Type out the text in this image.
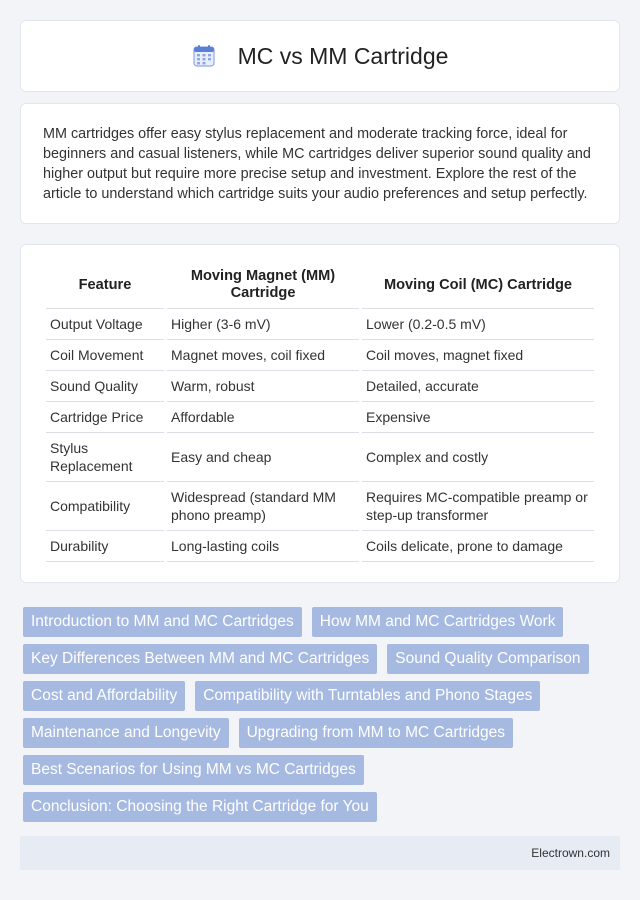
MC vs MM Cartridge

MM cartridges offer easy stylus replacement and moderate tracking force, ideal for beginners and casual listeners, while MC cartridges deliver superior sound quality and higher output but require more precise setup and investment. Explore the rest of the article to understand which cartridge suits your audio preferences and setup perfectly.

Feature	Moving Magnet (MM) Cartridge	Moving Coil (MC) Cartridge
Output Voltage	Higher (3-6 mV)	Lower (0.2-0.5 mV)
Coil Movement	Magnet moves, coil fixed	Coil moves, magnet fixed
Sound Quality	Warm, robust	Detailed, accurate
Cartridge Price	Affordable	Expensive
Stylus Replacement	Easy and cheap	Complex and costly
Compatibility	Widespread (standard MM phono preamp)	Requires MC-compatible preamp or step-up transformer
Durability	Long-lasting coils	Coils delicate, prone to damage
Introduction to MM and MC Cartridges	How MM and MC Cartridges Work
Key Differences Between MM and MC Cartridges	Sound Quality Comparison
Cost and Affordability	Compatibility with Turntables and Phono Stages
Maintenance and Longevity	Upgrading from MM to MC Cartridges
Best Scenarios for Using MM vs MC Cartridges
Conclusion: Choosing the Right Cartridge for You
Electrown.com
